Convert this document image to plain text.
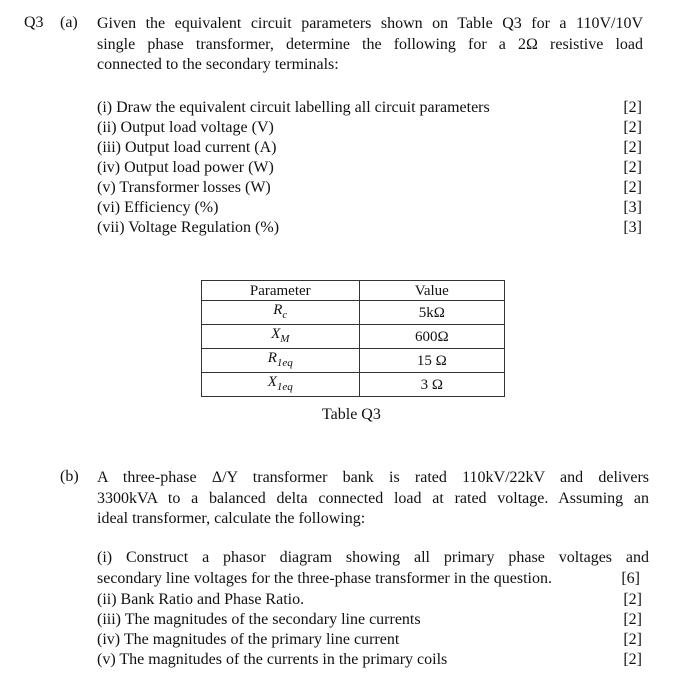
Q3 (a) Given the equivalent circuit parameters shown on Table Q3 for a 110V/10V
single phase transformer, determine the following for a 2Ω resistive load
connected to the secondary terminals:
(i) Draw the equivalent circuit labelling all circuit parameters	[2]
(ii) Output load voltage (V)	[2]
(iii) Output load current (A)	[2]
(iv) Output load power (W)	[2]
(v) Transformer losses (W)	[2]
(vi) Efficiency (%)	[3]
(vii) Voltage Regulation (%)	[3]
Parameter	Value
$R_c$	5kΩ
$X_M$	600Ω
$R_{1eq}$	15 Ω
$X_{1eq}$	3 Ω
Table Q3
(b) A three-phase Δ/Y transformer bank is rated 110kV/22kV and delivers
3300kVA to a balanced delta connected load at rated voltage. Assuming an
ideal transformer, calculate the following:
(i) Construct a phasor diagram showing all primary phase voltages and
secondary line voltages for the three-phase transformer in the question.	[6]
(ii) Bank Ratio and Phase Ratio.	[2]
(iii) The magnitudes of the secondary line currents	[2]
(iv) The magnitudes of the primary line current	[2]
(v) The magnitudes of the currents in the primary coils	[2]
